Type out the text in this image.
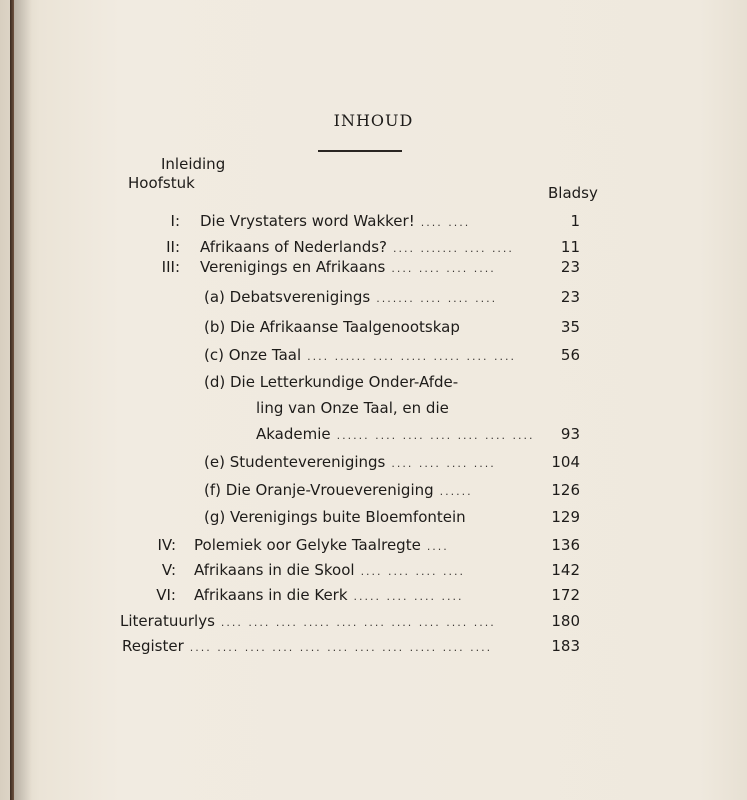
INHOUD
Inleiding
Hoofstuk
Bladsy
I: Die Vrystaters word Wakker! .... ....	1
II: Afrikaans of Nederlands? .... ....... .... ....	11
III: Verenigings en Afrikaans .... .... .... ....	23
(a) Debatsverenigings ....... .... .... ....	23
(b) Die Afrikaanse Taalgenootskap	35
(c) Onze Taal .... ...... .... ..... ..... .... ....	56
(d) Die Letterkundige Onder-Afde-
ling van Onze Taal, en die
Akademie ...... .... .... .... .... .... .... 93
(e) Studenteverenigings .... .... .... ....	104
(f) Die Oranje-Vrouevereniging ......	126
(g) Verenigings buite Bloemfontein	129
IV: Polemiek oor Gelyke Taalregte ....	136
V: Afrikaans in die Skool .... .... .... ....	142
VI: Afrikaans in die Kerk ..... .... .... ....	172
Literatuurlys .... .... .... ..... .... .... .... .... .... ....	180
Register .... .... .... .... .... .... .... .... ..... .... ....	183
